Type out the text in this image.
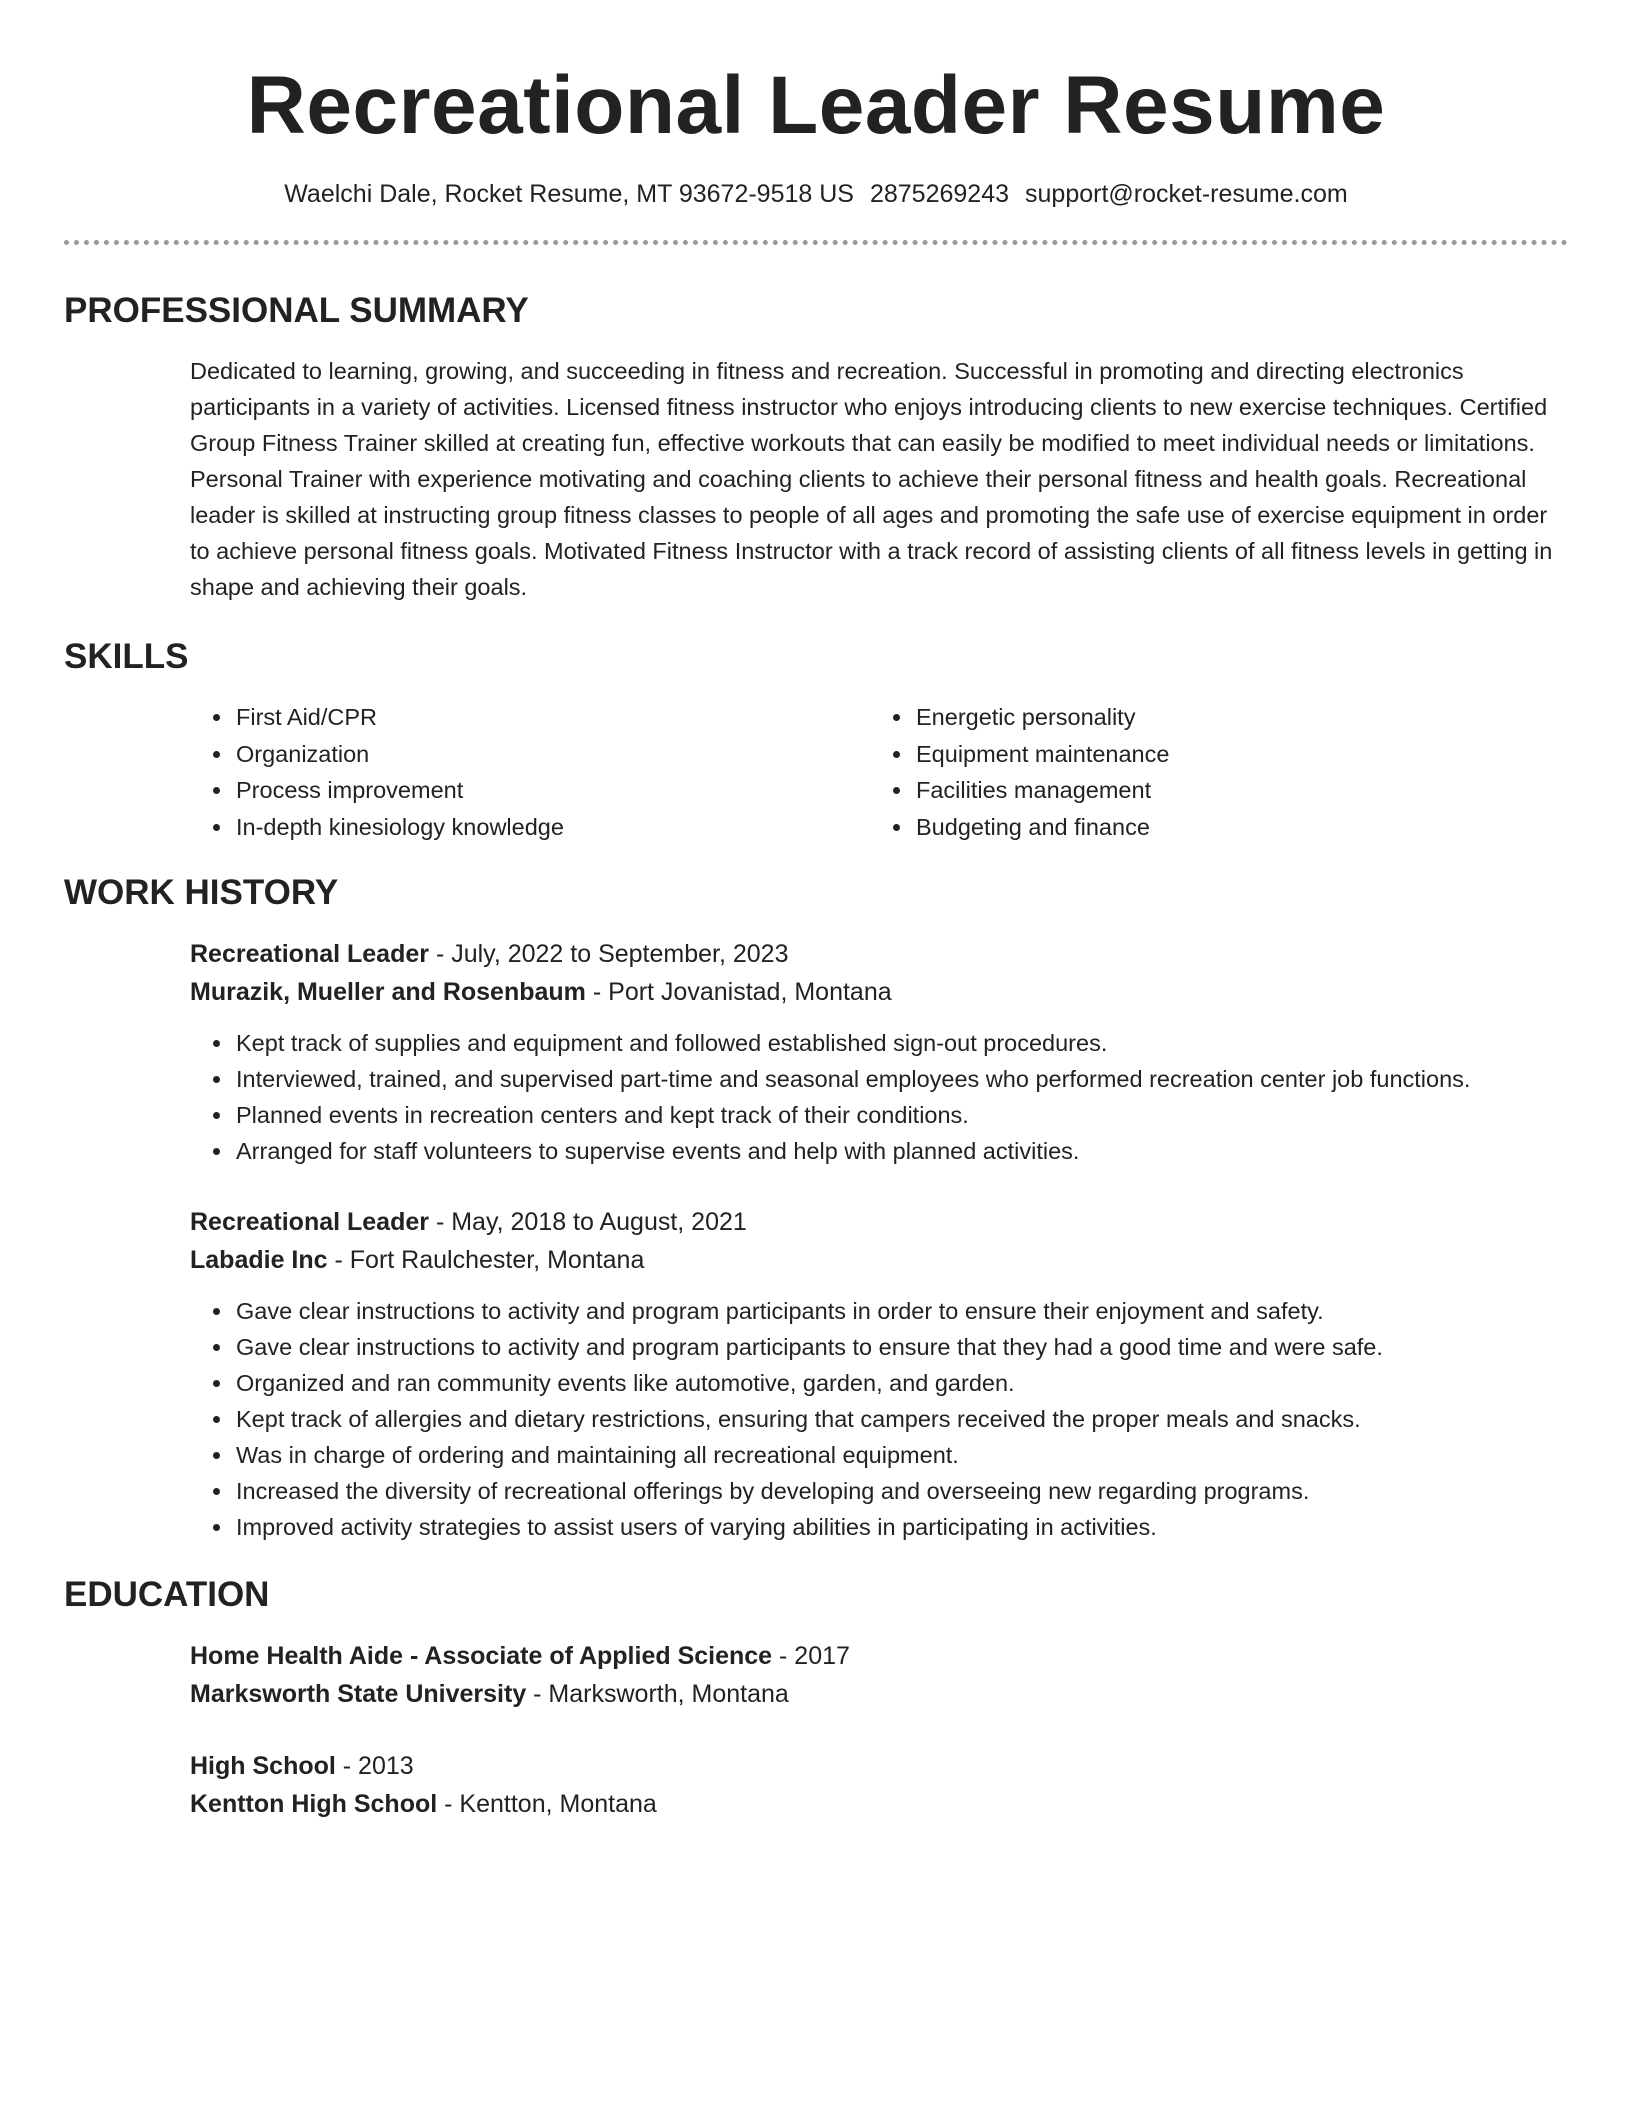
Recreational Leader Resume
Waelchi Dale, Rocket Resume, MT 93672-9518 US 2875269243 support@rocket-resume.com
PROFESSIONAL SUMMARY
Dedicated to learning, growing, and succeeding in fitness and recreation. Successful in promoting and directing electronics participants in a variety of activities. Licensed fitness instructor who enjoys introducing clients to new exercise techniques. Certified Group Fitness Trainer skilled at creating fun, effective workouts that can easily be modified to meet individual needs or limitations. Personal Trainer with experience motivating and coaching clients to achieve their personal fitness and health goals. Recreational leader is skilled at instructing group fitness classes to people of all ages and promoting the safe use of exercise equipment in order to achieve personal fitness goals. Motivated Fitness Instructor with a track record of assisting clients of all fitness levels in getting in shape and achieving their goals.
SKILLS
• First Aid/CPR
• Organization
• Process improvement
• In-depth kinesiology knowledge
• Energetic personality
• Equipment maintenance
• Facilities management
• Budgeting and finance
WORK HISTORY
Recreational Leader - July, 2022 to September, 2023
Murazik, Mueller and Rosenbaum - Port Jovanistad, Montana
• Kept track of supplies and equipment and followed established sign-out procedures.
• Interviewed, trained, and supervised part-time and seasonal employees who performed recreation center job functions.
• Planned events in recreation centers and kept track of their conditions.
• Arranged for staff volunteers to supervise events and help with planned activities.
Recreational Leader - May, 2018 to August, 2021
Labadie Inc - Fort Raulchester, Montana
• Gave clear instructions to activity and program participants in order to ensure their enjoyment and safety.
• Gave clear instructions to activity and program participants to ensure that they had a good time and were safe.
• Organized and ran community events like automotive, garden, and garden.
• Kept track of allergies and dietary restrictions, ensuring that campers received the proper meals and snacks.
• Was in charge of ordering and maintaining all recreational equipment.
• Increased the diversity of recreational offerings by developing and overseeing new regarding programs.
• Improved activity strategies to assist users of varying abilities in participating in activities.
EDUCATION
Home Health Aide - Associate of Applied Science - 2017
Marksworth State University - Marksworth, Montana
High School - 2013
Kentton High School - Kentton, Montana
